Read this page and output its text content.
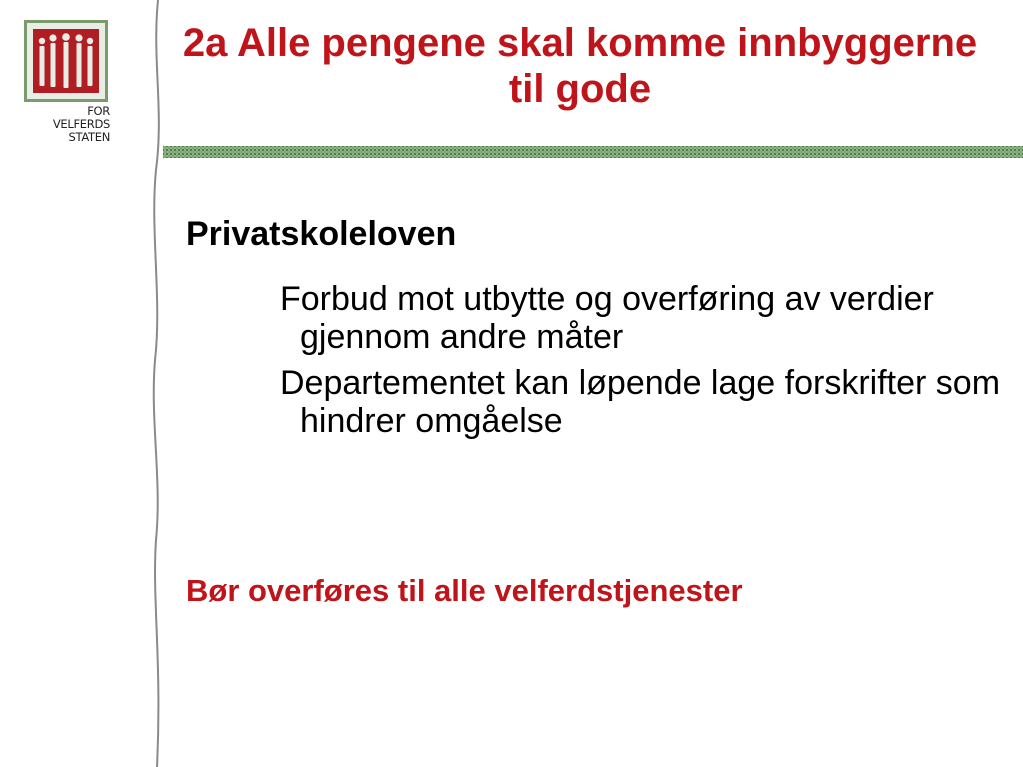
FOR
VELFERDS
STATEN
2a Alle pengene skal komme innbyggerne til gode
Privatskoleloven
Forbud mot utbytte og overføring av verdier gjennom andre måter
Departementet kan løpende lage forskrifter som hindrer omgåelse

Bør overføres til alle velferdstjenester
